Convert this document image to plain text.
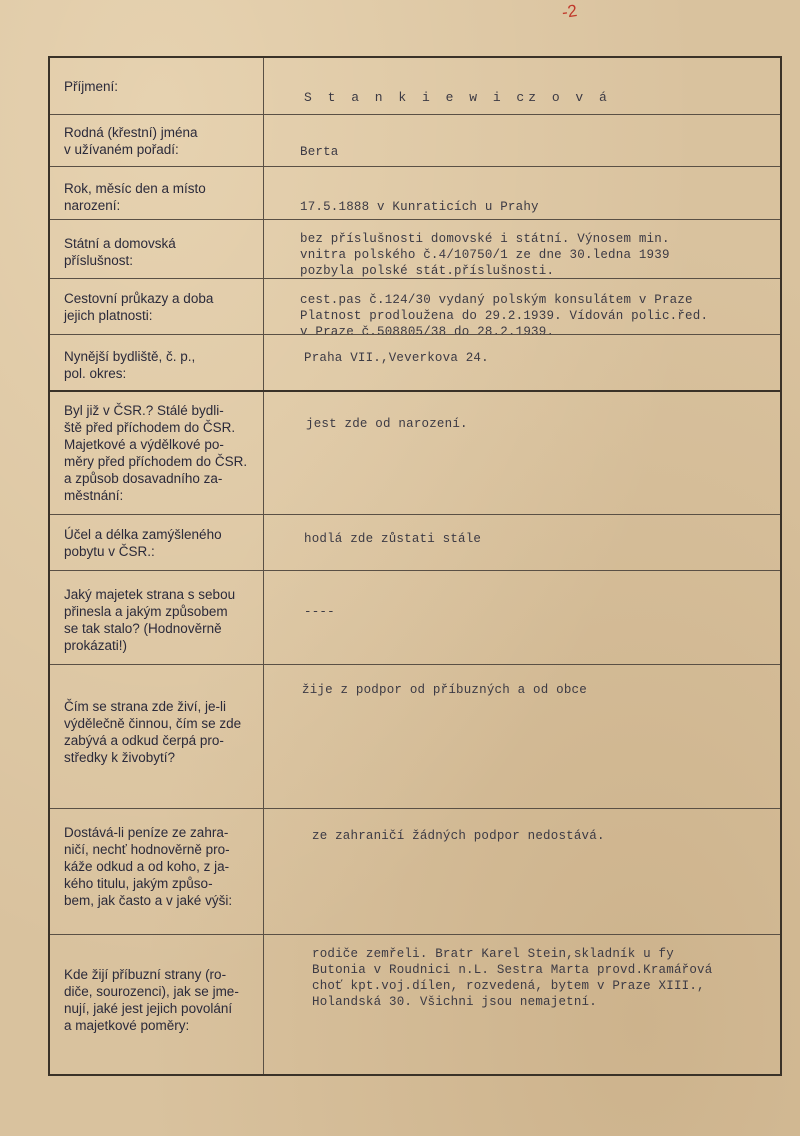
-2
Příjmení:
S t a n k i e w i cz o v á
Rodná (křestní) jména
v užívaném pořadí:	Berta
Rok, měsíc den a místo
narození:	17.5.1888 v Kunraticích u Prahy
Státní a domovská
příslušnost:
bez příslušnosti domovské i státní. Výnosem min.
vnitra polského č.4/10750/1 ze dne 30.ledna 1939
pozbyla polské stát.příslušnosti.
Cestovní průkazy a doba
jejich platnosti:
cest.pas č.124/30 vydaný polským konsulátem v Praze
Platnost prodloužena do 29.2.1939. Vídován polic.řed.
v Praze č.508805/38 do 28.2.1939.
Nynější bydliště, č. p.,
pol. okres:
Praha VII.,Veverkova 24.
Byl již v ČSR.? Stálé bydli-
ště před příchodem do ČSR.
Majetkové a výdělkové po-
měry před příchodem do ČSR.
a způsob dosavadního za-
městnání:
jest zde od narození.
Účel a délka zamýšleného
pobytu v ČSR.:
hodlá zde zůstati stále
Jaký majetek strana s sebou
přinesla a jakým způsobem
se tak stalo? (Hodnověrně
prokázati!)
----
Čím se strana zde živí, je-li
výdělečně činnou, čím se zde
zabývá a odkud čerpá pro-
středky k živobytí?
žije z podpor od příbuzných a od obce
Dostává-li peníze ze zahra-
ničí, nechť hodnověrně pro-
káže odkud a od koho, z ja-
kého titulu, jakým způso-
bem, jak často a v jaké výši:
ze zahraničí žádných podpor nedostává.
Kde žijí příbuzní strany (ro-
diče, sourozenci), jak se jme-
nují, jaké jest jejich povolání
a majetkové poměry:
rodiče zemřeli. Bratr Karel Stein,skladník u fy
Butonia v Roudnici n.L. Sestra Marta provd.Kramářová
choť kpt.voj.dílen, rozvedená, bytem v Praze XIII.,
Holandská 30. Všichni jsou nemajetní.
